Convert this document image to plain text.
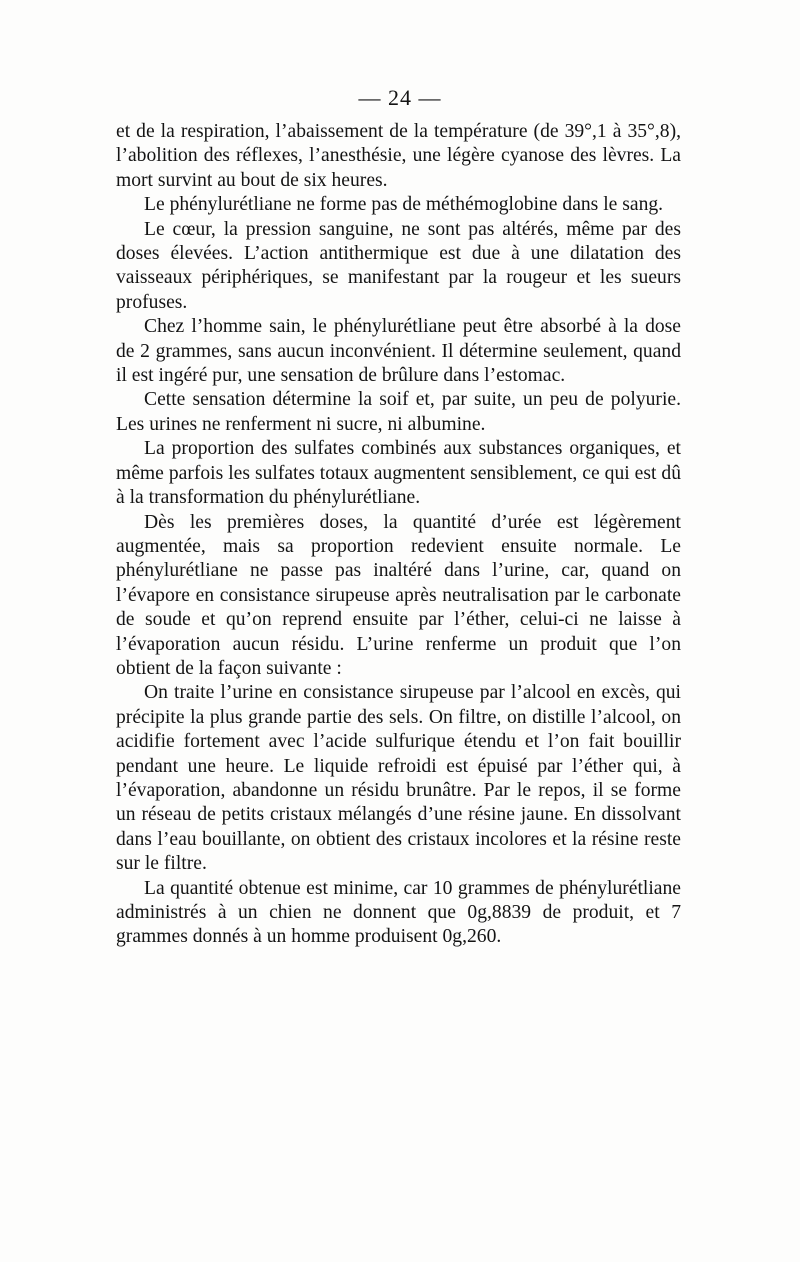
— 24 —

et de la respiration, l’abaissement de la température (de 39°,1 à 35°,8), l’abolition des réflexes, l’anesthésie, une légère cyanose des lèvres. La mort survint au bout de six heures.

Le phénylurétliane ne forme pas de méthémoglobine dans le sang.

Le cœur, la pression sanguine, ne sont pas altérés, même par des doses élevées. L’action antithermique est due à une dilatation des vaisseaux périphériques, se manifestant par la rougeur et les sueurs profuses.

Chez l’homme sain, le phénylurétliane peut être absorbé à la dose de 2 grammes, sans aucun inconvénient. Il détermine seulement, quand il est ingéré pur, une sensation de brûlure dans l’estomac.

Cette sensation détermine la soif et, par suite, un peu de polyurie. Les urines ne renferment ni sucre, ni albumine.

La proportion des sulfates combinés aux substances organiques, et même parfois les sulfates totaux augmentent sensiblement, ce qui est dû à la transformation du phénylurétliane.

Dès les premières doses, la quantité d’urée est légèrement augmentée, mais sa proportion redevient ensuite normale. Le phénylurétliane ne passe pas inaltéré dans l’urine, car, quand on l’évapore en consistance sirupeuse après neutralisation par le carbonate de soude et qu’on reprend ensuite par l’éther, celui-ci ne laisse à l’évaporation aucun résidu. L’urine renferme un produit que l’on obtient de la façon suivante :

On traite l’urine en consistance sirupeuse par l’alcool en excès, qui précipite la plus grande partie des sels. On filtre, on distille l’alcool, on acidifie fortement avec l’acide sulfurique étendu et l’on fait bouillir pendant une heure. Le liquide refroidi est épuisé par l’éther qui, à l’évaporation, abandonne un résidu brunâtre. Par le repos, il se forme un réseau de petits cristaux mélangés d’une résine jaune. En dissolvant dans l’eau bouillante, on obtient des cristaux incolores et la résine reste sur le filtre.

La quantité obtenue est minime, car 10 grammes de phénylurétliane administrés à un chien ne donnent que 0g,8839 de produit, et 7 grammes donnés à un homme produisent 0g,260.
